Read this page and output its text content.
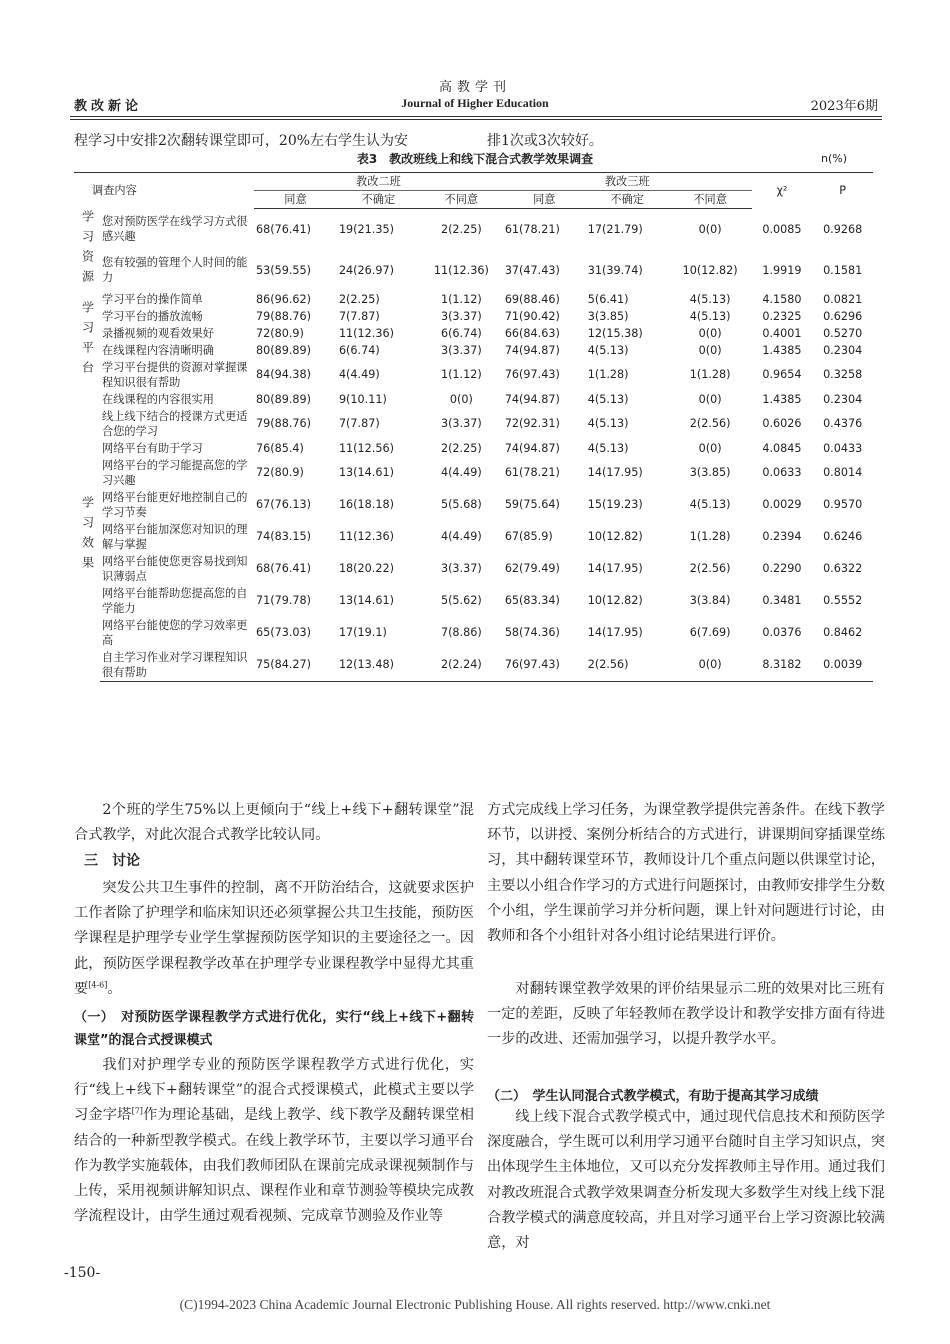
高教学刊
Journal of Higher Education
教改新论	2023年6期
程学习中安排2次翻转课堂即可，20%左右学生认为安	排1次或3次较好。
表3　教改班线上和线下混合式教学效果调查	n(%)
调查内容		教改二班			教改三班			χ²	P
		同意	不确定	不同意	同意	不确定	不同意		
学习资源	您对预防医学在线学习方式很感兴趣	68(76.41)	19(21.35)	2(2.25)	61(78.21)	17(21.79)	0(0)	0.0085	0.9268
	您有较强的管理个人时间的能力	53(59.55)	24(26.97)	11(12.36)	37(47.43)	31(39.74)	10(12.82)	1.9919	0.1581
学习平台	学习平台的操作简单	86(96.62)	2(2.25)	1(1.12)	69(88.46)	5(6.41)	4(5.13)	4.1580	0.0821
	学习平台的播放流畅	79(88.76)	7(7.87)	3(3.37)	71(90.42)	3(3.85)	4(5.13)	0.2325	0.6296
	录播视频的观看效果好	72(80.9)	11(12.36)	6(6.74)	66(84.63)	12(15.38)	0(0)	0.4001	0.5270
	在线课程内容清晰明确	80(89.89)	6(6.74)	3(3.37)	74(94.87)	4(5.13)	0(0)	1.4385	0.2304
	学习平台提供的资源对掌握课程知识很有帮助	84(94.38)	4(4.49)	1(1.12)	76(97.43)	1(1.28)	1(1.28)	0.9654	0.3258
学习效果	在线课程的内容很实用	80(89.89)	9(10.11)	0(0)	74(94.87)	4(5.13)	0(0)	1.4385	0.2304
	线上线下结合的授课方式更适合您的学习	79(88.76)	7(7.87)	3(3.37)	72(92.31)	4(5.13)	2(2.56)	0.6026	0.4376
	网络平台有助于学习	76(85.4)	11(12.56)	2(2.25)	74(94.87)	4(5.13)	0(0)	4.0845	0.0433
	网络平台的学习能提高您的学习兴趣	72(80.9)	13(14.61)	4(4.49)	61(78.21)	14(17.95)	3(3.85)	0.0633	0.8014
	网络平台能更好地控制自己的学习节奏	67(76.13)	16(18.18)	5(5.68)	59(75.64)	15(19.23)	4(5.13)	0.0029	0.9570
	网络平台能加深您对知识的理解与掌握	74(83.15)	11(12.36)	4(4.49)	67(85.9)	10(12.82)	1(1.28)	0.2394	0.6246
	网络平台能使您更容易找到知识薄弱点	68(76.41)	18(20.22)	3(3.37)	62(79.49)	14(17.95)	2(2.56)	0.2290	0.6322
	网络平台能帮助您提高您的自学能力	71(79.78)	13(14.61)	5(5.62)	65(83.34)	10(12.82)	3(3.84)	0.3481	0.5552
	网络平台能使您的学习效率更高	65(73.03)	17(19.1)	7(8.86)	58(74.36)	14(17.95)	6(7.69)	0.0376	0.8462
	自主学习作业对学习课程知识很有帮助	75(84.27)	12(13.48)	2(2.24)	76(97.43)	2(2.56)	0(0)	8.3182	0.0039
2个班的学生75%以上更倾向于“线上+线下+翻转课堂”混合式教学，对此次混合式教学比较认同。
三　讨论
突发公共卫生事件的控制，离不开防治结合，这就要求医护工作者除了护理学和临床知识还必须掌握公共卫生技能，预防医学课程是护理学专业学生掌握预防医学知识的主要途径之一。因此，预防医学课程教学改革在护理学专业课程教学中显得尤其重要[4-6]。
（一）　对预防医学课程教学方式进行优化，实行“线上+线下+翻转课堂”的混合式授课模式
我们对护理学专业的预防医学课程教学方式进行优化，实行“线上+线下+翻转课堂”的混合式授课模式，此模式主要以学习金字塔[7]作为理论基础，是线上教学、线下教学及翻转课堂相结合的一种新型教学模式。在线上教学环节，主要以学习通平台作为教学实施载体，由我们教师团队在课前完成录课视频制作与上传，采用视频讲解知识点、课程作业和章节测验等模块完成教学流程设计，由学生通过观看视频、完成章节测验及作业等
方式完成线上学习任务，为课堂教学提供完善条件。在线下教学环节，以讲授、案例分析结合的方式进行，讲课期间穿插课堂练习，其中翻转课堂环节，教师设计几个重点问题以供课堂讨论，主要以小组合作学习的方式进行问题探讨，由教师安排学生分数个小组，学生课前学习并分析问题，课上针对问题进行讨论，由教师和各个小组针对各小组讨论结果进行评价。
对翻转课堂教学效果的评价结果显示二班的效果对比三班有一定的差距，反映了年轻教师在教学设计和教学安排方面有待进一步的改进、还需加强学习，以提升教学水平。
（二）　学生认同混合式教学模式，有助于提高其学习成绩
线上线下混合式教学模式中，通过现代信息技术和预防医学深度融合，学生既可以利用学习通平台随时自主学习知识点，突出体现学生主体地位，又可以充分发挥教师主导作用。通过我们对教改班混合式教学效果调查分析发现大多数学生对线上线下混合教学模式的满意度较高，并且对学习通平台上学习资源比较满意，对
-150-
(C)1994-2023 China Academic Journal Electronic Publishing House. All rights reserved. http://www.cnki.net
